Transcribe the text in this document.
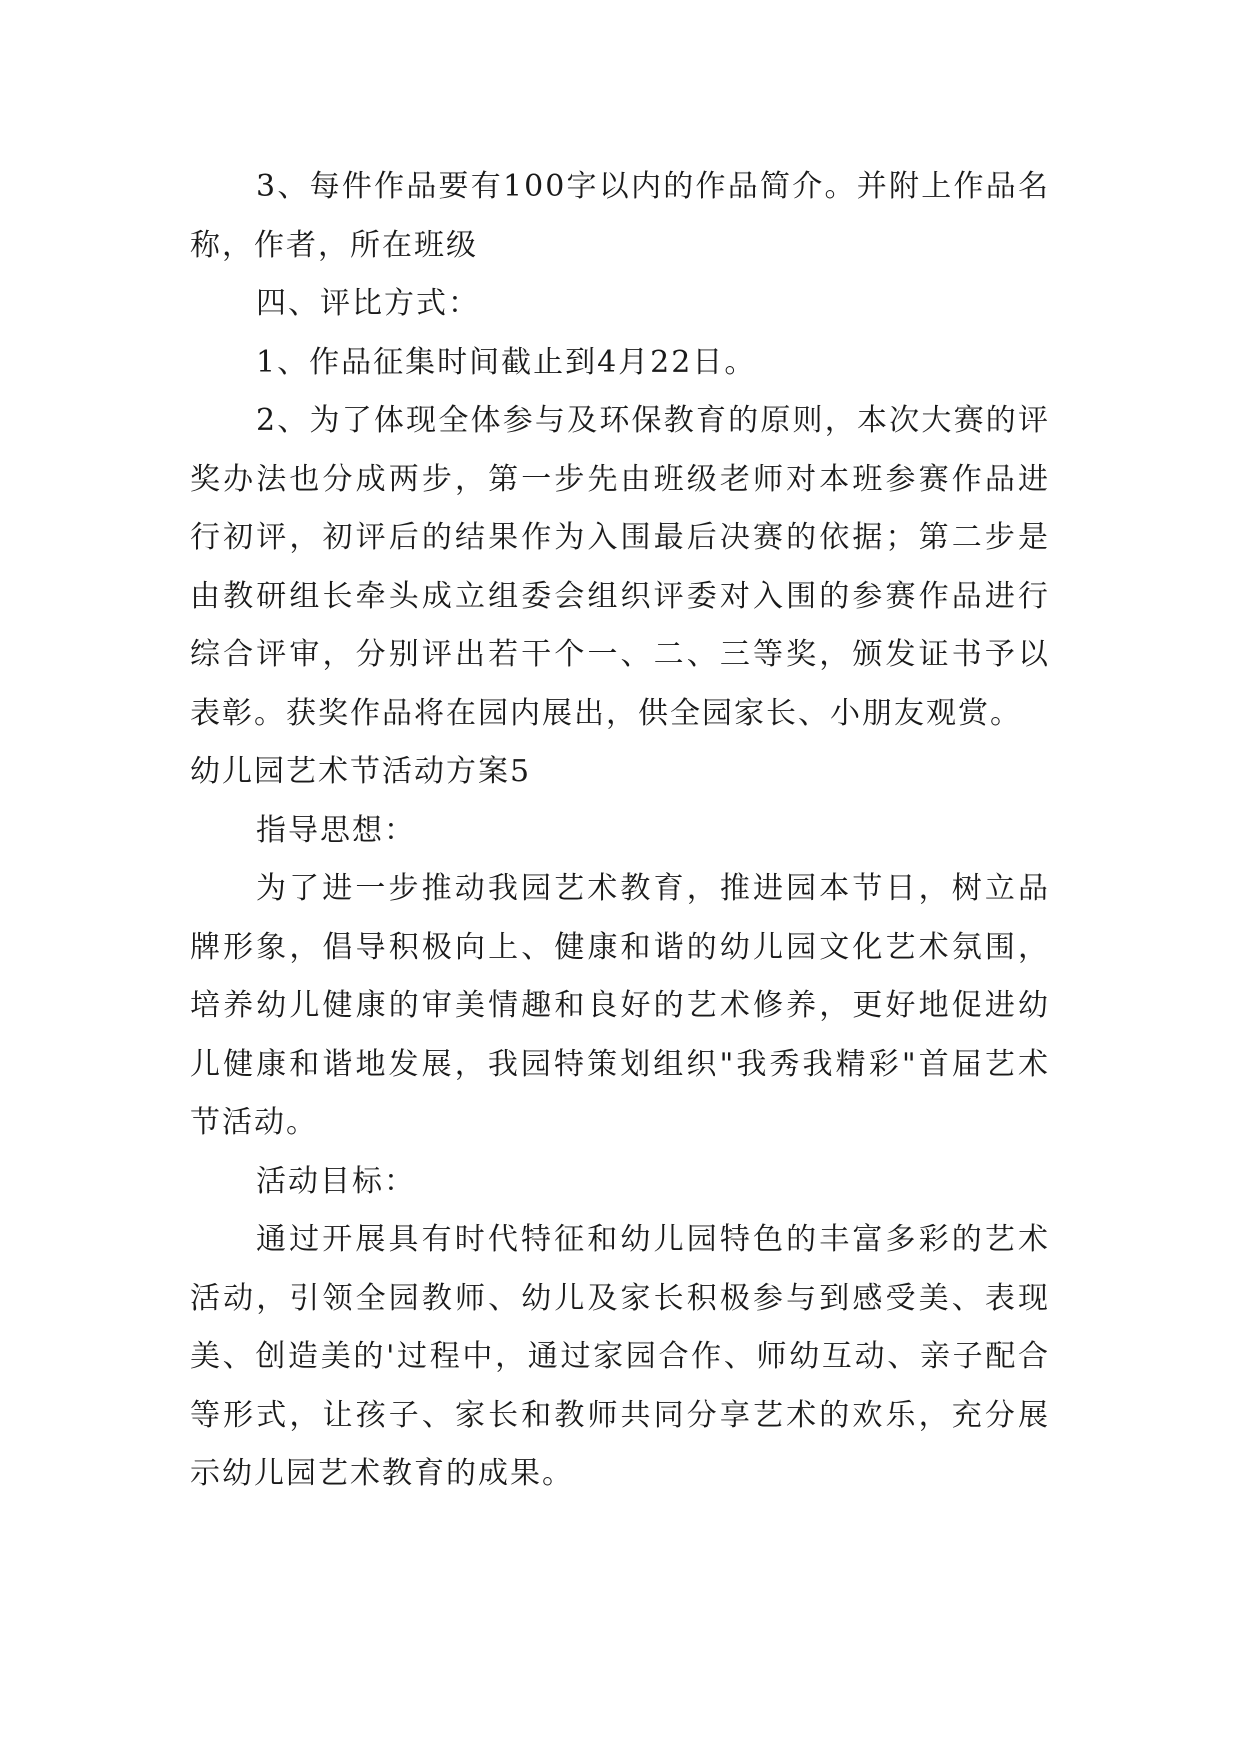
3、每件作品要有100字以内的作品简介。并附上作品名称，作者，所在班级

四、评比方式：

1、作品征集时间截止到4月22日。

2、为了体现全体参与及环保教育的原则，本次大赛的评奖办法也分成两步，第一步先由班级老师对本班参赛作品进行初评，初评后的结果作为入围最后决赛的依据；第二步是由教研组长牵头成立组委会组织评委对入围的参赛作品进行综合评审，分别评出若干个一、二、三等奖，颁发证书予以表彰。获奖作品将在园内展出，供全园家长、小朋友观赏。

幼儿园艺术节活动方案5

指导思想：

为了进一步推动我园艺术教育，推进园本节日，树立品牌形象，倡导积极向上、健康和谐的幼儿园文化艺术氛围，培养幼儿健康的审美情趣和良好的艺术修养，更好地促进幼儿健康和谐地发展，我园特策划组织"我秀我精彩"首届艺术节活动。

活动目标：

通过开展具有时代特征和幼儿园特色的丰富多彩的艺术活动，引领全园教师、幼儿及家长积极参与到感受美、表现美、创造美的'过程中，通过家园合作、师幼互动、亲子配合等形式，让孩子、家长和教师共同分享艺术的欢乐，充分展示幼儿园艺术教育的成果。
